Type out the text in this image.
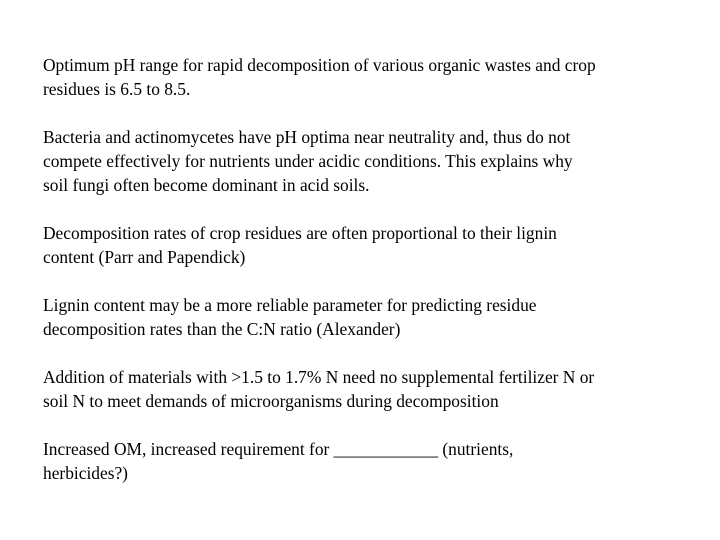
Optimum pH range for rapid decomposition of various organic wastes and crop
residues is 6.5 to 8.5.

Bacteria and actinomycetes have pH optima near neutrality and, thus do not
compete effectively for nutrients under acidic conditions. This explains why
soil fungi often become dominant in acid soils.

Decomposition rates of crop residues are often proportional to their lignin
content (Parr and Papendick)

Lignin content may be a more reliable parameter for predicting residue
decomposition rates than the C:N ratio (Alexander)

Addition of materials with >1.5 to 1.7% N need no supplemental fertilizer N or
soil N to meet demands of microorganisms during decomposition

Increased OM, increased requirement for ____________ (nutrients,
herbicides?)
